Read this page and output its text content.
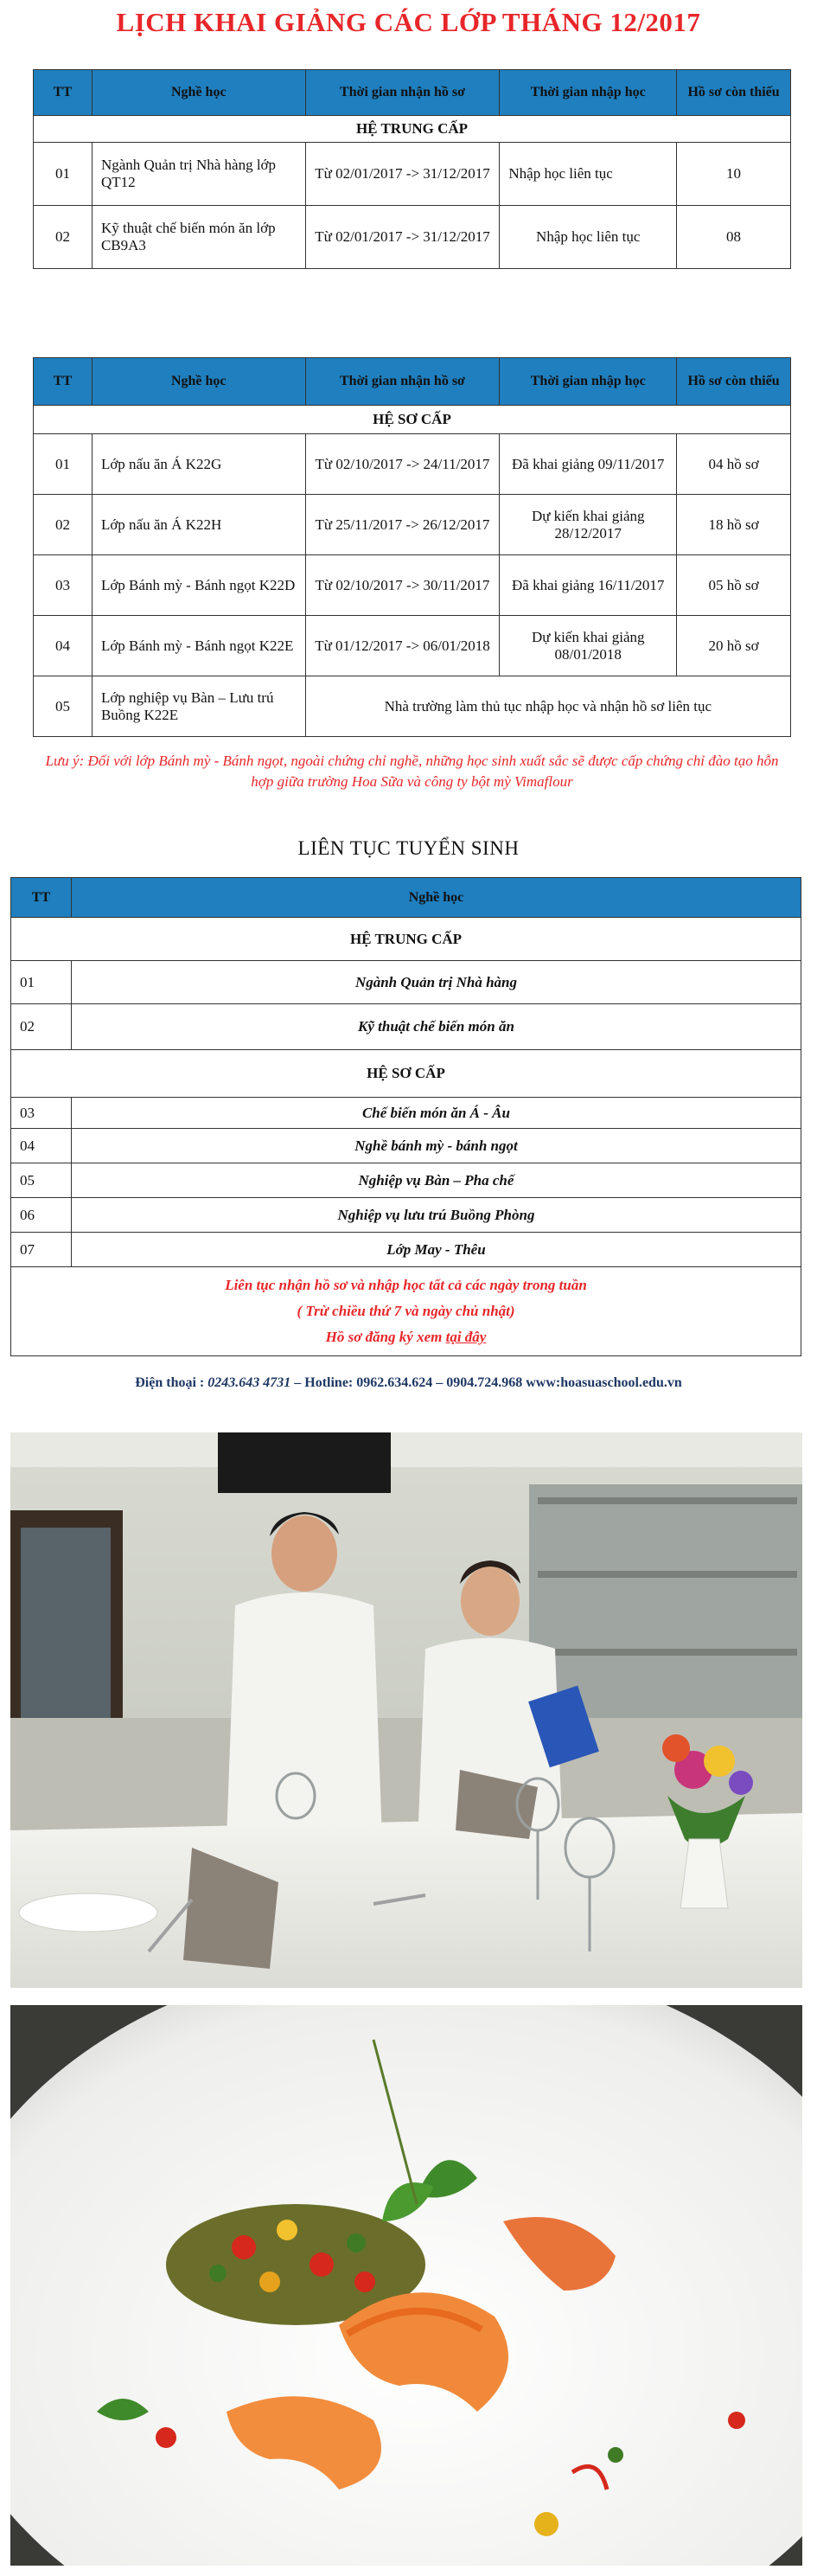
LỊCH KHAI GIẢNG CÁC LỚP THÁNG 12/2017
TT	Nghề học	Thời gian nhận hồ sơ	Thời gian nhập học	Hồ sơ còn thiếu
HỆ TRUNG CẤP				
01	Ngành Quản trị Nhà hàng lớp QT12	Từ 02/01/2017 -> 31/12/2017	Nhập học liên tục	10
02	Kỹ thuật chế biến món ăn lớp CB9A3	Từ 02/01/2017 -> 31/12/2017	Nhập học liên tục	08
TT	Nghề học	Thời gian nhận hồ sơ	Thời gian nhập học	Hồ sơ còn thiếu
HỆ SƠ CẤP				
01	Lớp nấu ăn Á K22G	Từ 02/10/2017 -> 24/11/2017	Đã khai giảng 09/11/2017	04 hồ sơ
02	Lớp nấu ăn Á K22H	Từ 25/11/2017 -> 26/12/2017	Dự kiến khai giảng 28/12/2017	18 hồ sơ
03	Lớp Bánh mỳ - Bánh ngọt K22D	Từ 02/10/2017 -> 30/11/2017	Đã khai giảng 16/11/2017	05 hồ sơ
04	Lớp Bánh mỳ - Bánh ngọt K22E	Từ 01/12/2017 -> 06/01/2018	Dự kiến khai giảng 08/01/2018	20 hồ sơ
05	Lớp nghiệp vụ Bàn – Lưu trú Buồng K22E	Nhà trường làm thủ tục nhập học và nhận hồ sơ liên tục		
Lưu ý: Đối với lớp Bánh mỳ - Bánh ngọt, ngoài chứng chỉ nghề, những học sinh xuất sắc sẽ được cấp chứng chỉ đào tạo hỗn hợp giữa trường Hoa Sữa và công ty bột mỳ Vimaflour
LIÊN TỤC TUYỂN SINH
TT	Nghề học
HỆ TRUNG CẤP	
01	Ngành Quản trị Nhà hàng
02	Kỹ thuật chế biến món ăn
HỆ SƠ CẤP	
03	Chế biến món ăn Á - Âu
04	Nghề bánh mỳ - bánh ngọt
05	Nghiệp vụ Bàn – Pha chế
06	Nghiệp vụ lưu trú Buồng Phòng
07	Lớp May - Thêu

Liên tục nhận hồ sơ và nhập học tất cả các ngày trong tuần
( Trừ chiều thứ 7 và ngày chủ nhật)
Hồ sơ đăng ký xem tại đây	
Điện thoại : 0243.643 4731 – Hotline: 0962.634.624 – 0904.724.968 www:hoasuaschool.edu.vn
